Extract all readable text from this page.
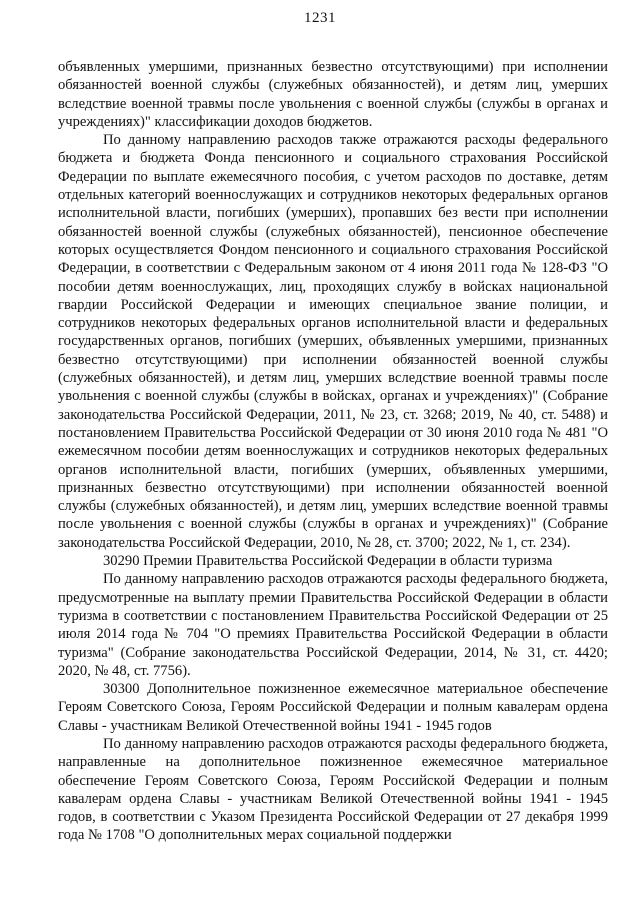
1231

объявленных умершими, признанных безвестно отсутствующими) при исполнении обязанностей военной службы (служебных обязанностей), и детям лиц, умерших вследствие военной травмы после увольнения с военной службы (службы в органах и учреждениях)" классификации доходов бюджетов.

По данному направлению расходов также отражаются расходы федерального бюджета и бюджета Фонда пенсионного и социального страхования Российской Федерации по выплате ежемесячного пособия, с учетом расходов по доставке, детям отдельных категорий военнослужащих и сотрудников некоторых федеральных органов исполнительной власти, погибших (умерших), пропавших без вести при исполнении обязанностей военной службы (служебных обязанностей), пенсионное обеспечение которых осуществляется Фондом пенсионного и социального страхования Российской Федерации, в соответствии с Федеральным законом от 4 июня 2011 года № 128-ФЗ "О пособии детям военнослужащих, лиц, проходящих службу в войсках национальной гвардии Российской Федерации и имеющих специальное звание полиции, и сотрудников некоторых федеральных органов исполнительной власти и федеральных государственных органов, погибших (умерших, объявленных умершими, признанных безвестно отсутствующими) при исполнении обязанностей военной службы (служебных обязанностей), и детям лиц, умерших вследствие военной травмы после увольнения с военной службы (службы в войсках, органах и учреждениях)" (Собрание законодательства Российской Федерации, 2011, № 23, ст. 3268; 2019, № 40, ст. 5488) и постановлением Правительства Российской Федерации от 30 июня 2010 года № 481 "О ежемесячном пособии детям военнослужащих и сотрудников некоторых федеральных органов исполнительной власти, погибших (умерших, объявленных умершими, признанных безвестно отсутствующими) при исполнении обязанностей военной службы (служебных обязанностей), и детям лиц, умерших вследствие военной травмы после увольнения с военной службы (службы в органах и учреждениях)" (Собрание законодательства Российской Федерации, 2010, № 28, ст. 3700; 2022, № 1, ст. 234).

30290 Премии Правительства Российской Федерации в области туризма

По данному направлению расходов отражаются расходы федерального бюджета, предусмотренные на выплату премии Правительства Российской Федерации в области туризма в соответствии с постановлением Правительства Российской Федерации от 25 июля 2014 года № 704 "О премиях Правительства Российской Федерации в области туризма" (Собрание законодательства Российской Федерации, 2014, № 31, ст. 4420; 2020, № 48, ст. 7756).

30300 Дополнительное пожизненное ежемесячное материальное обеспечение Героям Советского Союза, Героям Российской Федерации и полным кавалерам ордена Славы - участникам Великой Отечественной войны 1941 - 1945 годов

По данному направлению расходов отражаются расходы федерального бюджета, направленные на дополнительное пожизненное ежемесячное материальное обеспечение Героям Советского Союза, Героям Российской Федерации и полным кавалерам ордена Славы - участникам Великой Отечественной войны 1941 - 1945 годов, в соответствии с Указом Президента Российской Федерации от 27 декабря 1999 года № 1708 "О дополнительных мерах социальной поддержки
